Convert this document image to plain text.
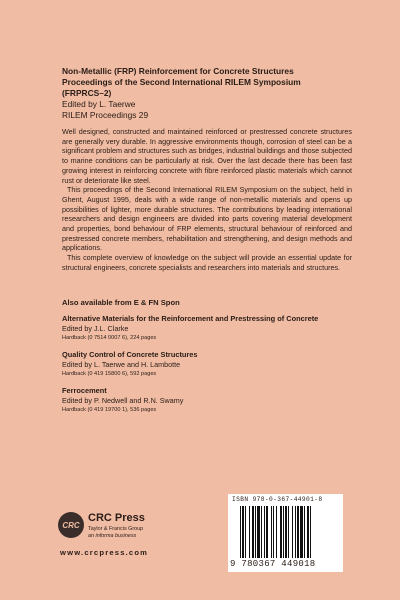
Non-Metallic (FRP) Reinforcement for Concrete Structures
Proceedings of the Second International RILEM Symposium
(FRPRCS–2)
Edited by L. Taerwe
RILEM Proceedings 29

Well designed, constructed and maintained reinforced or prestressed concrete structures are generally very durable. In aggressive environments though, corrosion of steel can be a significant problem and structures such as bridges, industrial buildings and those subjected to marine conditions can be particularly at risk. Over the last decade there has been fast growing interest in reinforcing concrete with fibre reinforced plastic materials which cannot rust or deteriorate like steel.

This proceedings of the Second International RILEM Symposium on the subject, held in Ghent, August 1995, deals with a wide range of non-metallic materials and opens up possibilities of lighter, more durable structures. The contributions by leading international researchers and design engineers are divided into parts covering material development and properties, bond behaviour of FRP elements, structural behaviour of reinforced and prestressed concrete members, rehabilitation and strengthening, and design methods and applications.

This complete overview of knowledge on the subject will provide an essential update for structural engineers, concrete specialists and researchers into materials and structures.

Also available from E & FN Spon
Alternative Materials for the Reinforcement and Prestressing of Concrete
Edited by J.L. Clarke
Hardback (0 7514 0007 6), 224 pages
Quality Control of Concrete Structures
Edited by L. Taerwe and H. Lambotte
Hardback (0 419 15800 6), 592 pages
Ferrocement
Edited by P. Nedwell and R.N. Swamy
Hardback (0 419 19700 1), 536 pages
CRC
CRC Press
Taylor & Francis Group
an informa business
www.crcpress.com
ISBN 978-0-367-44901-8
9 780367 449018
